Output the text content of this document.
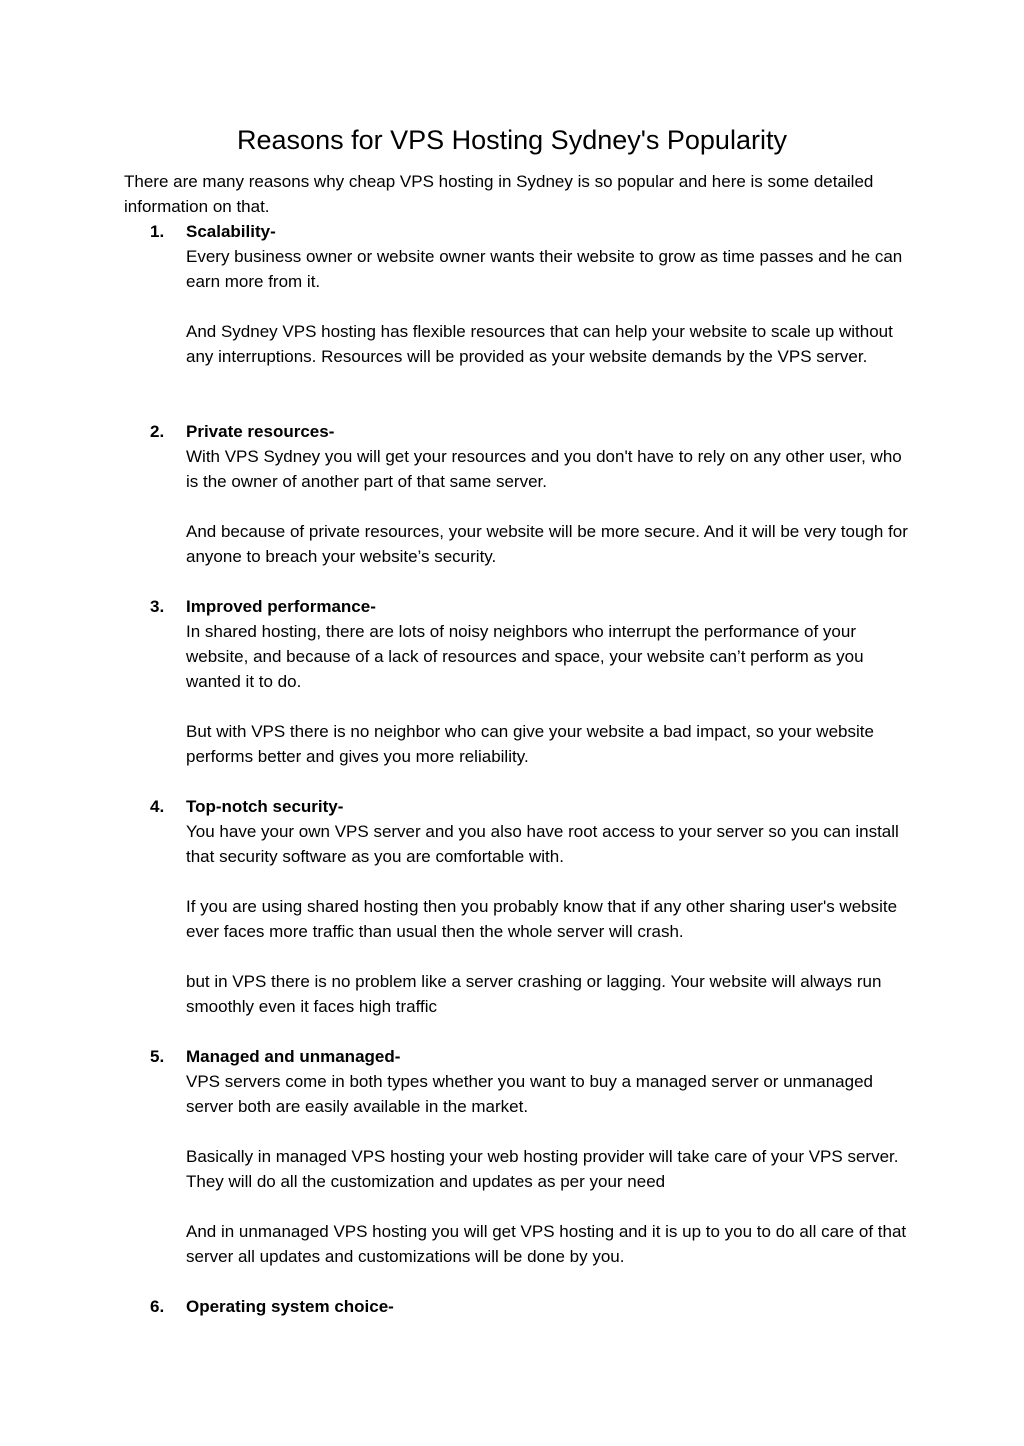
Reasons for VPS Hosting Sydney's Popularity

There are many reasons why cheap VPS hosting in Sydney is so popular and here is some detailed information on that.

1.	Scalability-

Every business owner or website owner wants their website to grow as time passes and he can earn more from it.

And Sydney VPS hosting has flexible resources that can help your website to scale up without any interruptions. Resources will be provided as your website demands by the VPS server.

2.	Private resources-

With VPS Sydney you will get your resources and you don't have to rely on any other user, who is the owner of another part of that same server.

And because of private resources, your website will be more secure. And it will be very tough for anyone to breach your website’s security.

3.	Improved performance-

In shared hosting, there are lots of noisy neighbors who interrupt the performance of your website, and because of a lack of resources and space, your website can’t perform as you wanted it to do.

But with VPS there is no neighbor who can give your website a bad impact, so your website performs better and gives you more reliability.

4.	Top-notch security-

You have your own VPS server and you also have root access to your server so you can install that security software as you are comfortable with.

If you are using shared hosting then you probably know that if any other sharing user's website ever faces more traffic than usual then the whole server will crash.

but in VPS there is no problem like a server crashing or lagging. Your website will always run smoothly even it faces high traffic

5.	Managed and unmanaged-

VPS servers come in both types whether you want to buy a managed server or unmanaged server both are easily available in the market.

Basically in managed VPS hosting your web hosting provider will take care of your VPS server. They will do all the customization and updates as per your need

And in unmanaged VPS hosting you will get VPS hosting and it is up to you to do all care of that server all updates and customizations will be done by you.

6.	Operating system choice-
